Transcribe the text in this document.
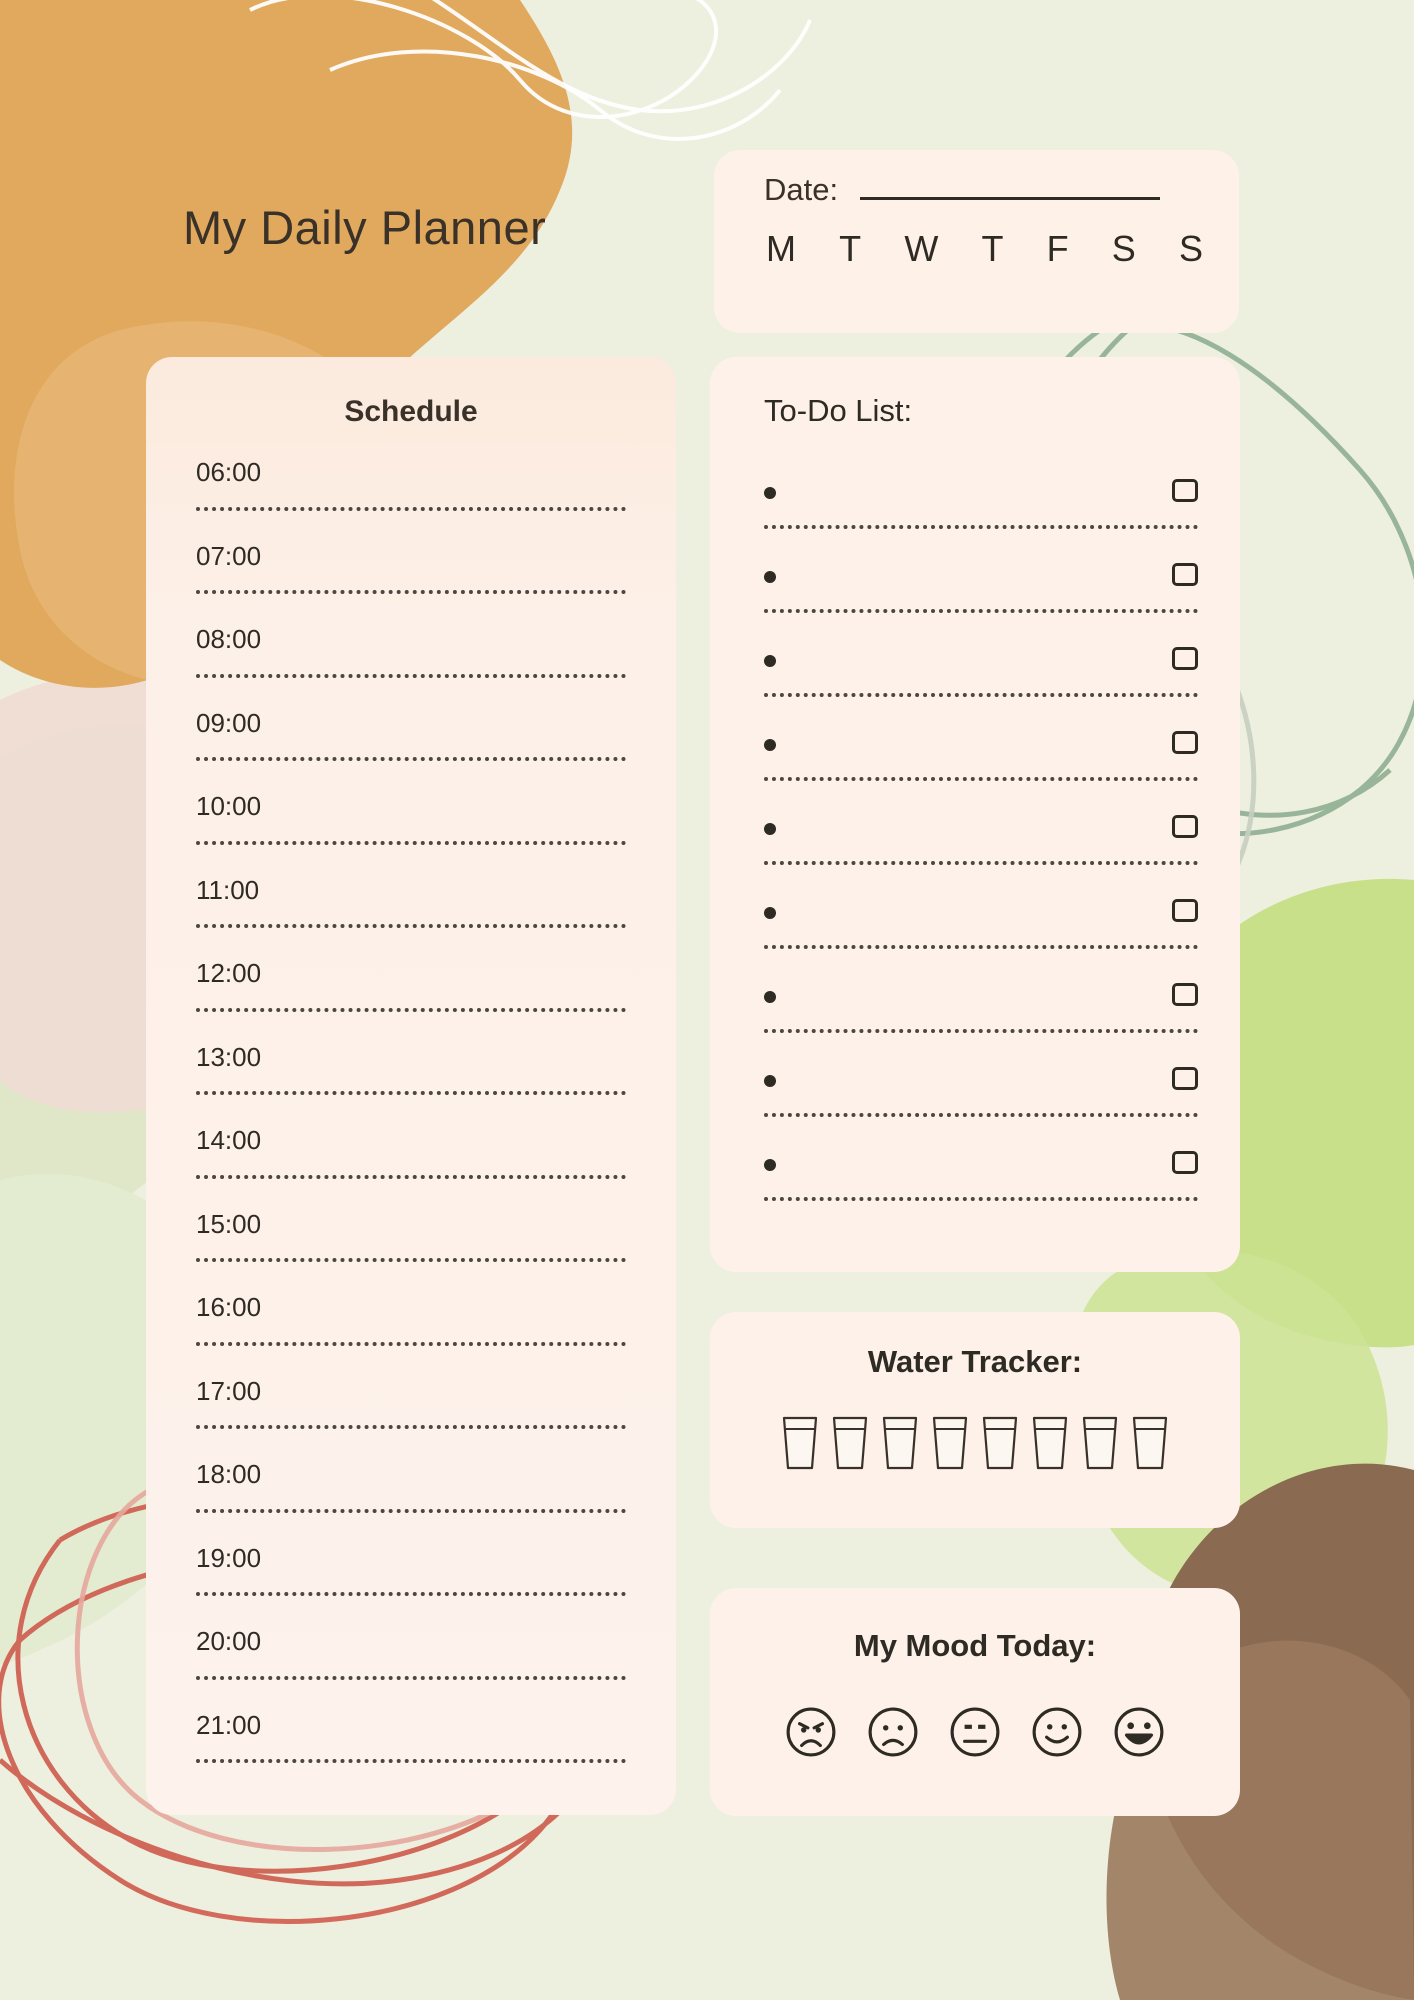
My Daily Planner
Date:
M T W T F S S
Schedule
06:00
07:00
08:00
09:00
10:00
11:00
12:00
13:00
14:00
15:00
16:00
17:00
18:00
19:00
20:00
21:00
To-Do List:
Water Tracker:
My Mood Today:
